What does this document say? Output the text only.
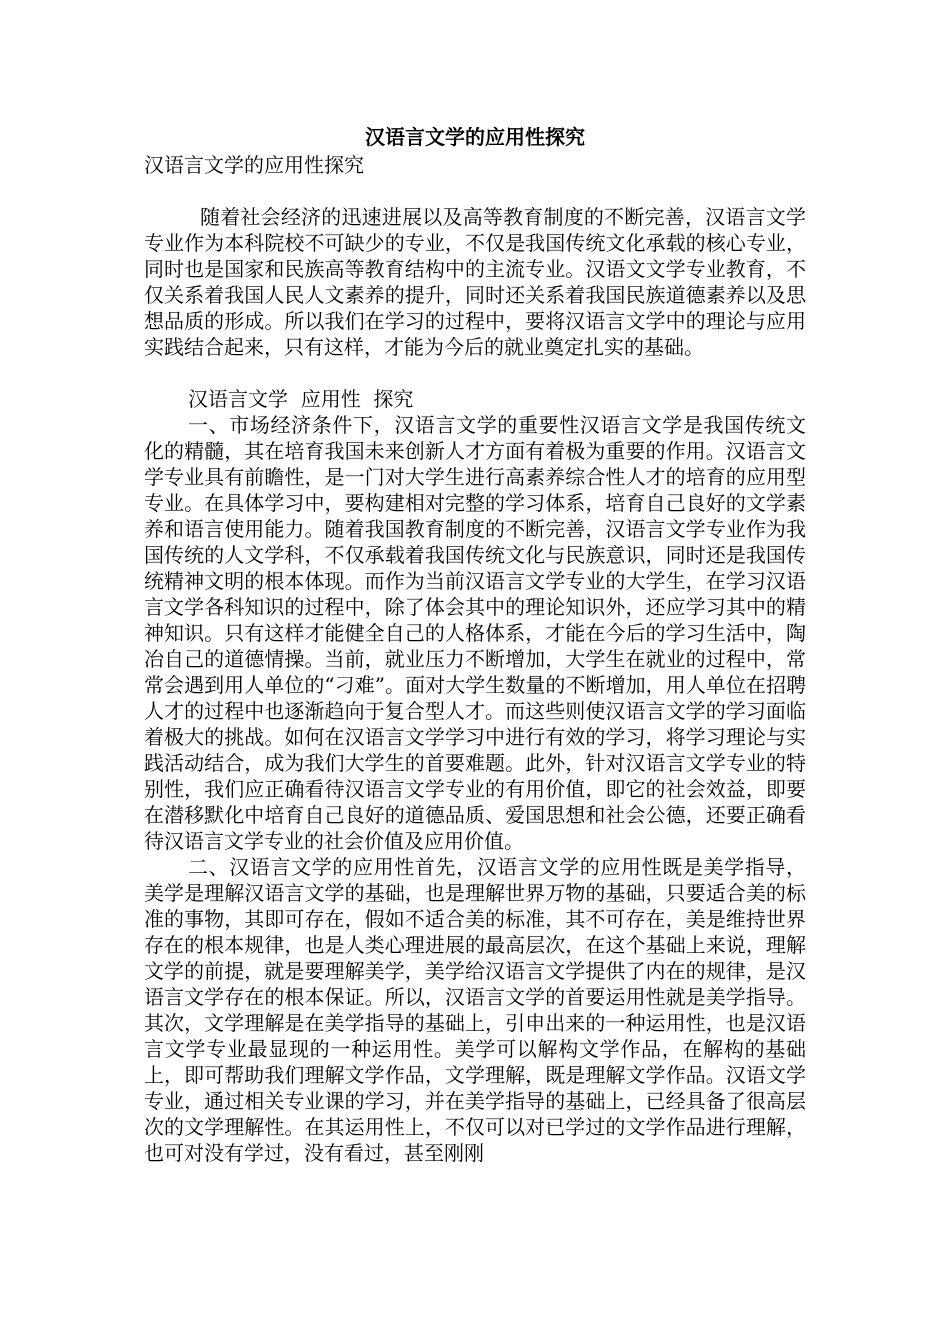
汉语言文学的应用性探究

汉语言文学的应用性探究

随着社会经济的迅速进展以及高等教育制度的不断完善，汉语言文学专业作为本科院校不可缺少的专业，不仅是我国传统文化承载的核心专业，同时也是国家和民族高等教育结构中的主流专业。汉语文文学专业教育，不仅关系着我国人民人文素养的提升，同时还关系着我国民族道德素养以及思想品质的形成。所以我们在学习的过程中，要将汉语言文学中的理论与应用实践结合起来，只有这样，才能为今后的就业奠定扎实的基础。

汉语言文学  应用性  探究

一、市场经济条件下，汉语言文学的重要性汉语言文学是我国传统文化的精髓，其在培育我国未来创新人才方面有着极为重要的作用。汉语言文学专业具有前瞻性，是一门对大学生进行高素养综合性人才的培育的应用型专业。在具体学习中，要构建相对完整的学习体系，培育自己良好的文学素养和语言使用能力。随着我国教育制度的不断完善，汉语言文学专业作为我国传统的人文学科，不仅承载着我国传统文化与民族意识，同时还是我国传统精神文明的根本体现。而作为当前汉语言文学专业的大学生，在学习汉语言文学各科知识的过程中，除了体会其中的理论知识外，还应学习其中的精神知识。只有这样才能健全自己的人格体系，才能在今后的学习生活中，陶冶自己的道德情操。当前，就业压力不断增加，大学生在就业的过程中，常常会遇到用人单位的“刁难”。面对大学生数量的不断增加，用人单位在招聘人才的过程中也逐渐趋向于复合型人才。而这些则使汉语言文学的学习面临着极大的挑战。如何在汉语言文学学习中进行有效的学习，将学习理论与实践活动结合，成为我们大学生的首要难题。此外，针对汉语言文学专业的特别性，我们应正确看待汉语言文学专业的有用价值，即它的社会效益，即要在潜移默化中培育自己良好的道德品质、爱国思想和社会公德，还要正确看待汉语言文学专业的社会价值及应用价值。

二、汉语言文学的应用性首先，汉语言文学的应用性既是美学指导，美学是理解汉语言文学的基础，也是理解世界万物的基础，只要适合美的标准的事物，其即可存在，假如不适合美的标准，其不可存在，美是维持世界存在的根本规律，也是人类心理进展的最高层次，在这个基础上来说，理解文学的前提，就是要理解美学，美学给汉语言文学提供了内在的规律，是汉语言文学存在的根本保证。所以，汉语言文学的首要运用性就是美学指导。其次，文学理解是在美学指导的基础上，引申出来的一种运用性，也是汉语言文学专业最显现的一种运用性。美学可以解构文学作品，在解构的基础上，即可帮助我们理解文学作品，文学理解，既是理解文学作品。汉语文学专业，通过相关专业课的学习，并在美学指导的基础上，已经具备了很高层次的文学理解性。在其运用性上，不仅可以对已学过的文学作品进行理解，也可对没有学过，没有看过，甚至刚刚
